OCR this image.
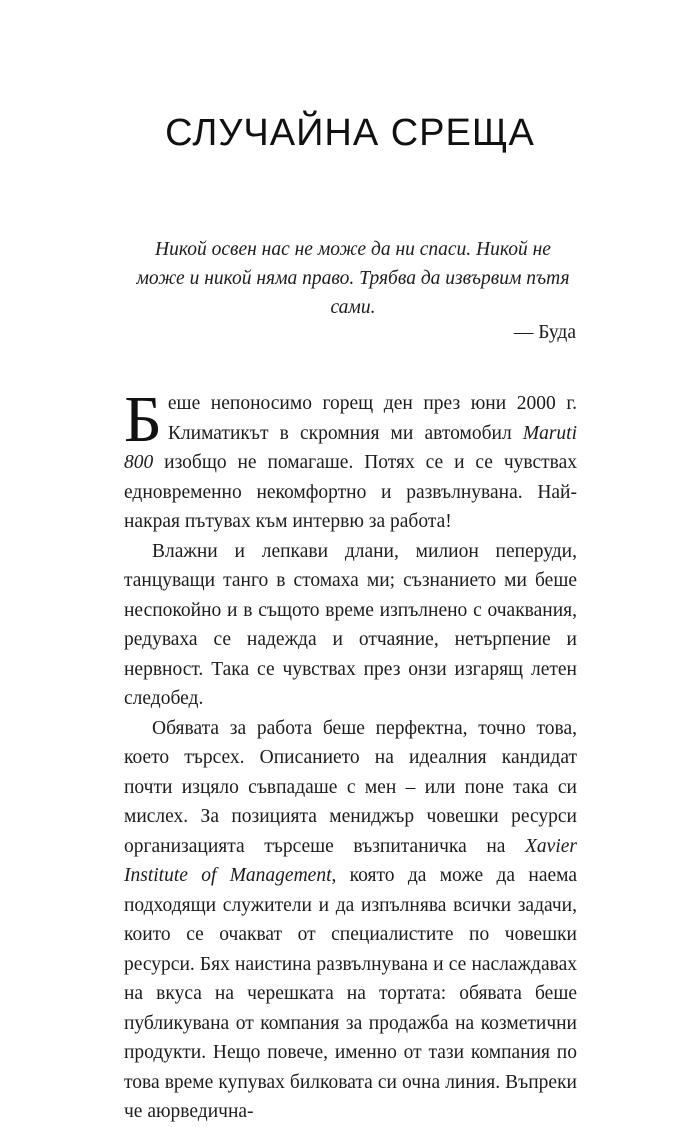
СЛУЧАЙНА СРЕЩА
Никой освен нас не може да ни спаси. Никой не може и никой няма право. Трябва да извървим пътя сами.
— Буда

Беше непоносимо горещ ден през юни 2000 г. Климатикът в скромния ми автомобил Maruti 800 изобщо не помагаше. Потях се и се чувствах едновременно некомфортно и развълнувана. Най-накрая пътувах към интервю за работа!

Влажни и лепкави длани, милион пеперуди, танцуващи танго в стомаха ми; съзнанието ми беше неспокойно и в същото време изпълнено с очаквания, редуваха се надежда и отчаяние, нетърпение и нервност. Така се чувствах през онзи изгарящ летен следобед.

Обявата за работа беше перфектна, точно това, което търсех. Описанието на идеалния кандидат почти изцяло съвпадаше с мен – или поне така си мислех. За позицията мениджър човешки ресурси организацията търсеше възпитаничка на Xavier Institute of Management, която да може да наема подходящи служители и да изпълнява всички задачи, които се очакват от специалистите по човешки ресурси. Бях наистина развълнувана и се наслаждавах на вкуса на черешката на тортата: обявата беше публикувана от компания за продажба на козметични продукти. Нещо повече, именно от тази компания по това време купувах билковата си очна линия. Въпреки че аюрведична-
